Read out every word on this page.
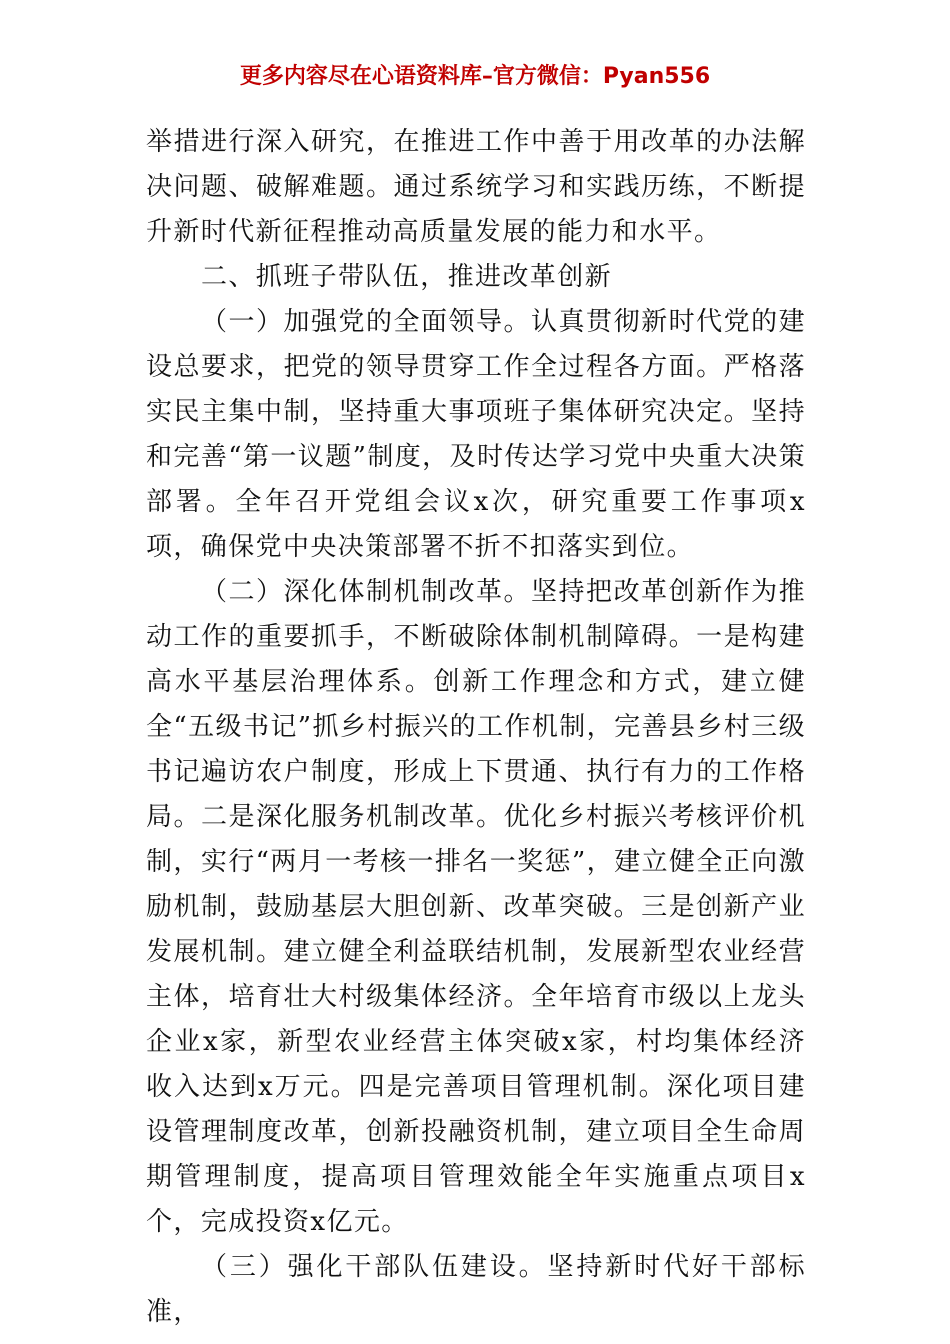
更多内容尽在心语资料库–官方微信：Pyan556

举措进行深入研究，在推进工作中善于用改革的办法解决问题、破解难题。通过系统学习和实践历练，不断提升新时代新征程推动高质量发展的能力和水平。

二、抓班子带队伍，推进改革创新

（一）加强党的全面领导。认真贯彻新时代党的建设总要求，把党的领导贯穿工作全过程各方面。严格落实民主集中制，坚持重大事项班子集体研究决定。坚持和完善“第一议题”制度，及时传达学习党中央重大决策部署。全年召开党组会议x次，研究重要工作事项x项，确保党中央决策部署不折不扣落实到位。

（二）深化体制机制改革。坚持把改革创新作为推动工作的重要抓手，不断破除体制机制障碍。一是构建高水平基层治理体系。创新工作理念和方式，建立健全“五级书记”抓乡村振兴的工作机制，完善县乡村三级书记遍访农户制度，形成上下贯通、执行有力的工作格局。二是深化服务机制改革。优化乡村振兴考核评价机制，实行“两月一考核一排名一奖惩”，建立健全正向激励机制，鼓励基层大胆创新、改革突破。三是创新产业发展机制。建立健全利益联结机制，发展新型农业经营主体，培育壮大村级集体经济。全年培育市级以上龙头企业x家，新型农业经营主体突破x家，村均集体经济收入达到x万元。四是完善项目管理机制。深化项目建设管理制度改革，创新投融资机制，建立项目全生命周期管理制度，提高项目管理效能全年实施重点项目x个，完成投资x亿元。

（三）强化干部队伍建设。坚持新时代好干部标准，
